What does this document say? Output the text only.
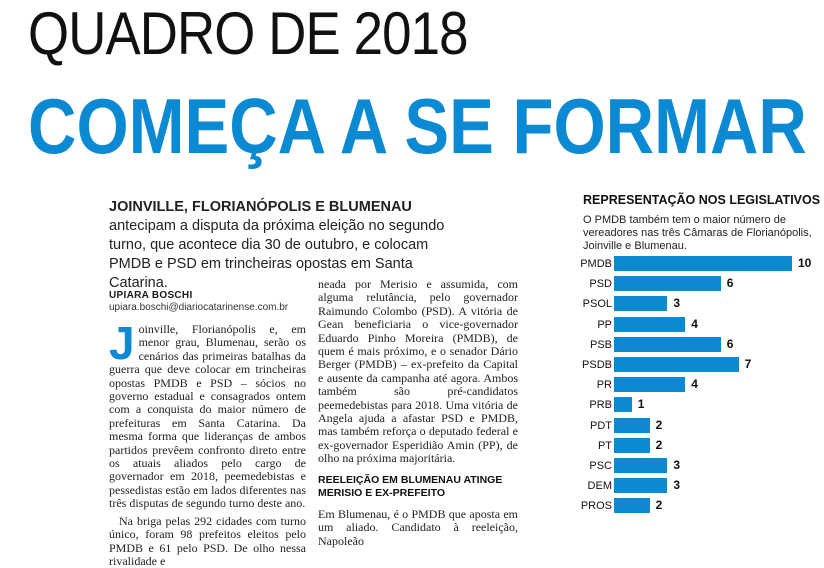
QUADRO DE 2018
COMEÇA A SE FORMAR
JOINVILLE, FLORIANÓPOLIS E BLUMENAU antecipam a disputa da próxima eleição no segundo turno, que acontece dia 30 de outubro, e colocam PMDB e PSD em trincheiras opostas em Santa Catarina.
UPIARA BOSCHI
upiara.boschi@diariocatarinense.com.br

Joinville, Florianópolis e, em menor grau, Blumenau, serão os cenários das primeiras batalhas da guerra que deve colocar em trincheiras opostas PMDB e PSD – sócios no governo estadual e consagrados ontem com a conquista do maior número de prefeituras em Santa Catarina. Da mesma forma que lideranças de ambos partidos prevêem confronto direto entre os atuais aliados pelo cargo de governador em 2018, peemedebistas e pessedistas estão em lados diferentes nas três disputas de segundo turno deste ano.

Na briga pelas 292 cidades com turno único, foram 98 prefeitos eleitos pelo PMDB e 61 pelo PSD. De olho nessa rivalidade e

neada por Merisio e assumida, com alguma relutância, pelo governador Raimundo Colombo (PSD). A vitória de Gean beneficiaria o vice-governador Eduardo Pinho Moreira (PMDB), de quem é mais próximo, e o senador Dário Berger (PMDB) – ex-prefeito da Capital e ausente da campanha até agora. Ambos também são pré-candidatos peemedebistas para 2018. Uma vitória de Angela ajuda a afastar PSD e PMDB, mas também reforça o deputado federal e ex-governador Esperidião Amin (PP), de olho na próxima majoritária.

REELEIÇÃO EM BLUMENAU ATINGE MERISIO E EX-PREFEITO

Em Blumenau, é o PMDB que aposta em um aliado. Candidato à reeleição, Napoleão

REPRESENTAÇÃO NOS LEGISLATIVOS
O PMDB também tem o maior número de vereadores nas três Câmaras de Florianópolis, Joinville e Blumenau.
PMDB	10
PSD	6
PSOL	3
PP	4
PSB	6
PSDB	7
PR	4
PRB 1
PDT	2
PT	2
PSC	3
DEM	3
PROS	2
